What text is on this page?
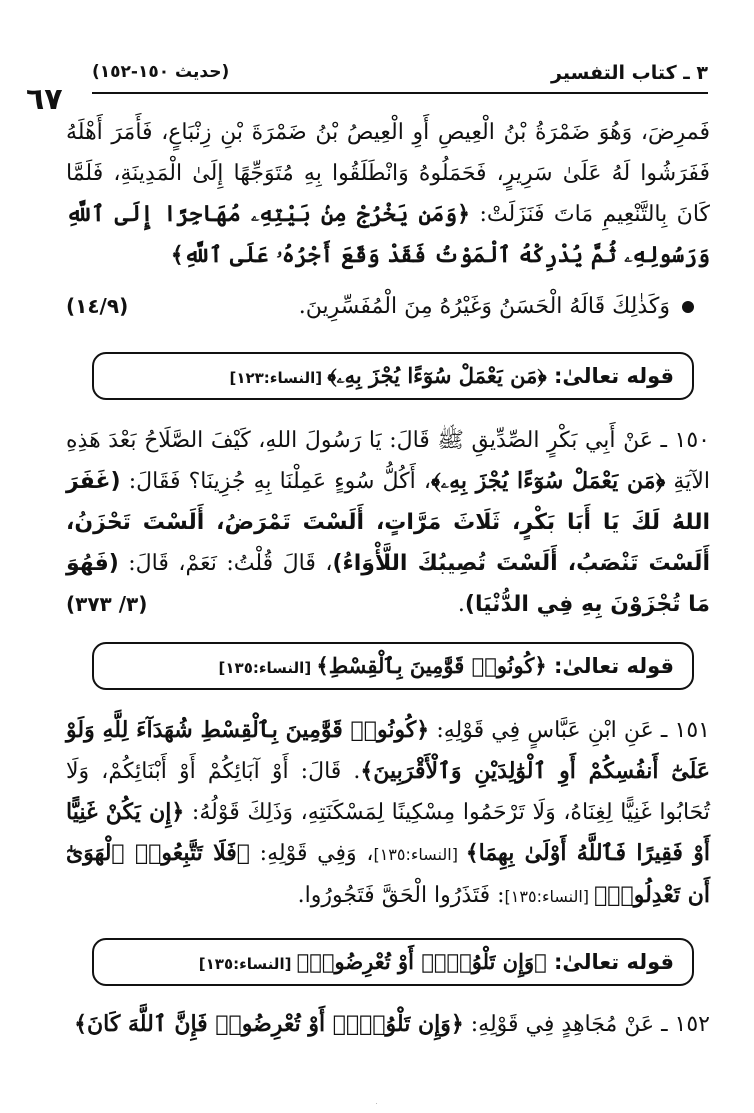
٦٧
٣ ـ كتاب التفسير
(حديث ١٥٠-١٥٢)
فَمرِضَ، وَهُوَ ضَمْرَةُ بْنُ الْعِيصِ أَوِ الْعِيصُ بْنُ ضَمْرَةَ بْنِ زِنْبَاعٍ، فَأَمَرَ أَهْلَهُ فَفَرَشُوا لَهُ عَلَىٰ سَرِيرٍ، فَحَمَلُوهُ وَانْطَلَقُوا بِهِ مُتَوَجِّهًا إِلَىٰ الْمَدِينَةِ، فَلَمَّا كَانَ بِالتَّنْعِيمِ مَاتَ فَنَزَلَتْ: ﴿وَمَن يَخْرُجْ مِنۢ بَيْتِهِۦ مُهَاجِرًا إِلَى ٱللَّهِ وَرَسُولِهِۦ ثُمَّ يُدْرِكْهُ ٱلْمَوْتُ فَقَدْ وَقَعَ أَجْرُهُۥ عَلَى ٱللَّهِ﴾
وَكَذٰلِكَ قَالَهُ الْحَسَنُ وَغَيْرُهُ مِنَ الْمُفَسِّرِينَ.
(١٤/٩)
قوله تعالىٰ: ﴿مَن يَعْمَلْ سُوٓءًا يُجْزَ بِهِۦ﴾ [النساء:١٢٣]
١٥٠ ـ عَنْ أَبِي بَكْرٍ الصِّدِّيقِ ﷺ قَالَ: يَا رَسُولَ اللهِ، كَيْفَ الصَّلَاحُ بَعْدَ هَذِهِ الآيَةِ ﴿مَن يَعْمَلْ سُوٓءًا يُجْزَ بِهِۦ﴾، أَكُلُّ سُوءٍ عَمِلْنَا بِهِ جُزِينَا؟ فَقَالَ: (غَفَرَ اللهُ لَكَ يَا أَبَا بَكْرٍ، ثَلَاثَ مَرَّاتٍ، أَلَسْتَ تَمْرَضُ، أَلَسْتَ تَحْزَنُ، أَلَسْتَ تَنْصَبُ، أَلَسْتَ تُصِيبُكَ اللَّأْوَاءُ)، قَالَ قُلْتُ: نَعَمْ، قَالَ: (فَهُوَ مَا تُجْزَوْنَ بِهِ فِي الدُّنْيَا).
(٣/ ٣٧٣)
قوله تعالىٰ: ﴿كُونُوا۟ قَوَّٰمِينَ بِٱلْقِسْطِ﴾ [النساء:١٣٥]
١٥١ ـ عَنِ ابْنِ عَبَّاسٍ فِي قَوْلِهِ: ﴿كُونُوا۟ قَوَّٰمِينَ بِٱلْقِسْطِ شُهَدَآءَ لِلَّهِ وَلَوْ عَلَىٰٓ أَنفُسِكُمْ أَوِ ٱلْوَٰلِدَيْنِ وَٱلْأَقْرَبِينَ﴾. قَالَ: أَوْ آبَائِكُمْ أَوْ أَبْنَائِكُمْ، وَلَا تُحَابُوا غَنِيًّا لِغِنَاهُ، وَلَا تَرْحَمُوا مِسْكِينًا لِمَسْكَنَتِهِ، وَذَلِكَ قَوْلُهُ: ﴿إِن يَكُنْ غَنِيًّا أَوْ فَقِيرًا فَٱللَّهُ أَوْلَىٰ بِهِمَا﴾ [النساء:١٣٥]، وَفِي قَوْلِهِ: ﴿فَلَا تَتَّبِعُوا۟ ٱلْهَوَىٰٓ أَن تَعْدِلُوا۟﴾ [النساء:١٣٥]: فَتَذَرُوا الْحَقَّ فَتَجُورُوا.
قوله تعالىٰ: ﴿وَإِن تَلْوُۥٓا۟ أَوْ تُعْرِضُوا۟﴾ [النساء:١٣٥]
١٥٢ ـ عَنْ مُجَاهِدٍ فِي قَوْلِهِ: ﴿وَإِن تَلْوُۥٓا۟ أَوْ تُعْرِضُوا۟ فَإِنَّ ٱللَّهَ كَانَ﴾
